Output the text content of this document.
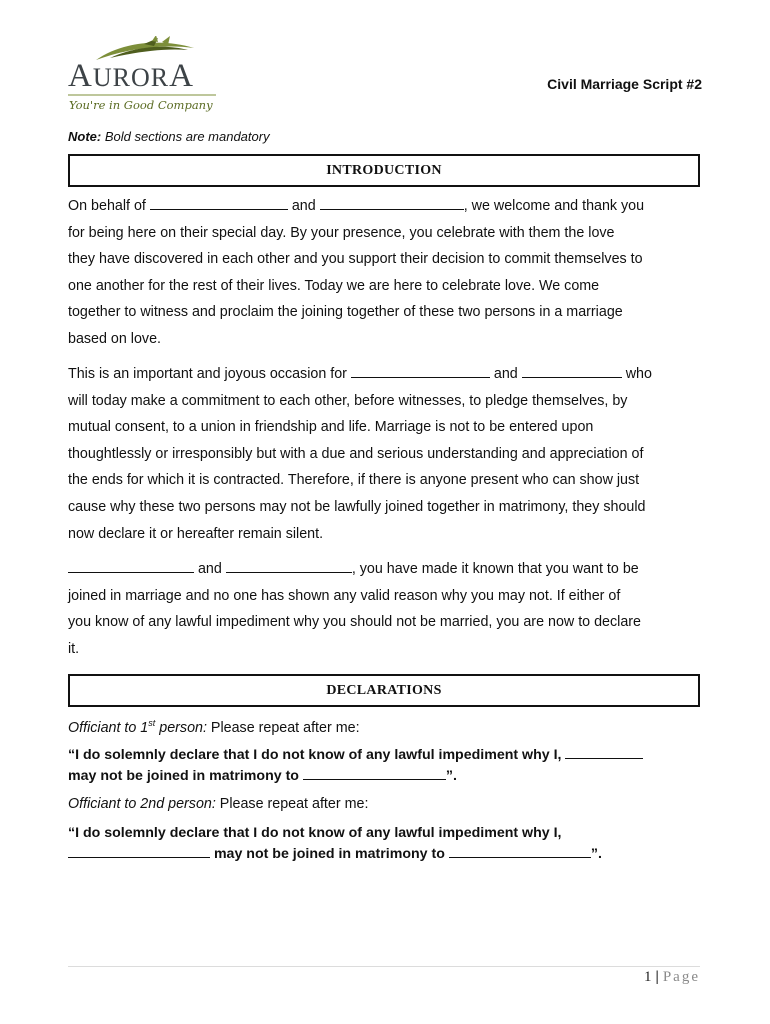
AURORA
You're in Good Company
Civil Marriage Script #2
Note: Bold sections are mandatory
INTRODUCTION

On behalf of	and	, we welcome and thank you

for being here on their special day. By your presence, you celebrate with them the love

they have discovered in each other and you support their decision to commit themselves to

one another for the rest of their lives. Today we are here to celebrate love. We come

together to witness and proclaim the joining together of these two persons in a marriage

based on love.

This is an important and joyous occasion for	and	who

will today make a commitment to each other, before witnesses, to pledge themselves, by

mutual consent, to a union in friendship and life. Marriage is not to be entered upon

thoughtlessly or irresponsibly but with a due and serious understanding and appreciation of

the ends for which it is contracted. Therefore, if there is anyone present who can show just

cause why these two persons may not be lawfully joined together in matrimony, they should

now declare it or hereafter remain silent.

and	, you have made it known that you want to be

joined in marriage and no one has shown any valid reason why you may not. If either of

you know of any lawful impediment why you should not be married, you are now to declare

it.

DECLARATIONS
Officiant to 1st person: Please repeat after me:

“I do solemnly declare that I do not know of any lawful impediment why I,

may not be joined in matrimony to	”.

Officiant to 2nd person: Please repeat after me:

“I do solemnly declare that I do not know of any lawful impediment why I,

may not be joined in matrimony to	”.

1 | Page
